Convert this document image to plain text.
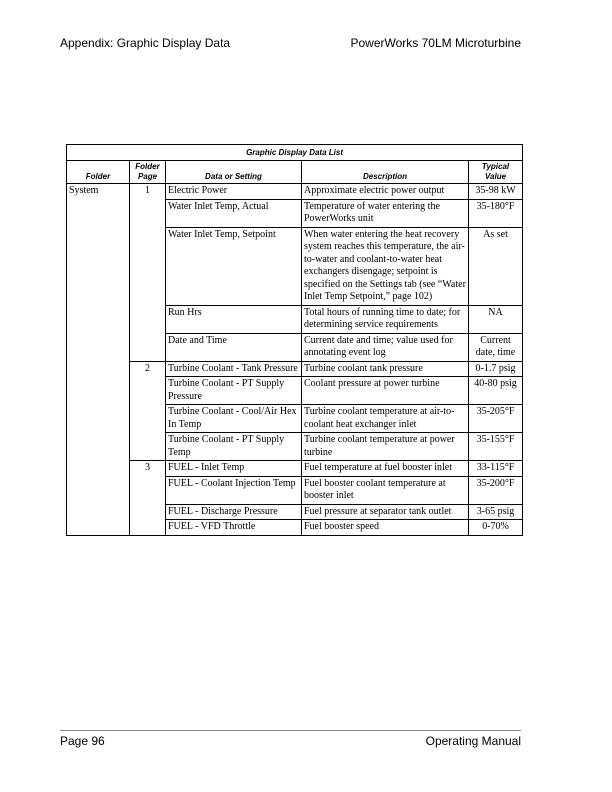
Appendix: Graphic Display Data	PowerWorks 70LM Microturbine
Graphic Display Data List				
Folder	Folder Page	Data or Setting	Description	Typical Value
System	1	Electric Power	Approximate electric power output	35-98 kW
		Water Inlet Temp, Actual	Temperature of water entering the PowerWorks unit	35-180°F
		Water Inlet Temp, Setpoint	When water entering the heat recovery system reaches this temperature, the air-to-water and coolant-to-water heat exchangers disengage; setpoint is specified on the Settings tab (see “Water Inlet Temp Setpoint,” page 102)	As set
		Run Hrs	Total hours of running time to date; for determining service requirements	NA
		Date and Time	Current date and time; value used for annotating event log	Current date, time
	2	Turbine Coolant - Tank Pressure	Turbine coolant tank pressure	0-1.7 psig
		Turbine Coolant - PT Supply Pressure	Coolant pressure at power turbine	40-80 psig
		Turbine Coolant - Cool/Air Hex In Temp	Turbine coolant temperature at air-to-coolant heat exchanger inlet	35-205°F
		Turbine Coolant - PT Supply Temp	Turbine coolant temperature at power turbine	35-155°F
	3	FUEL - Inlet Temp	Fuel temperature at fuel booster inlet	33-115°F
		FUEL - Coolant Injection Temp	Fuel booster coolant temperature at booster inlet	35-200°F
		FUEL - Discharge Pressure	Fuel pressure at separator tank outlet	3-65 psig
		FUEL - VFD Throttle	Fuel booster speed	0-70%
Page 96	Operating Manual
